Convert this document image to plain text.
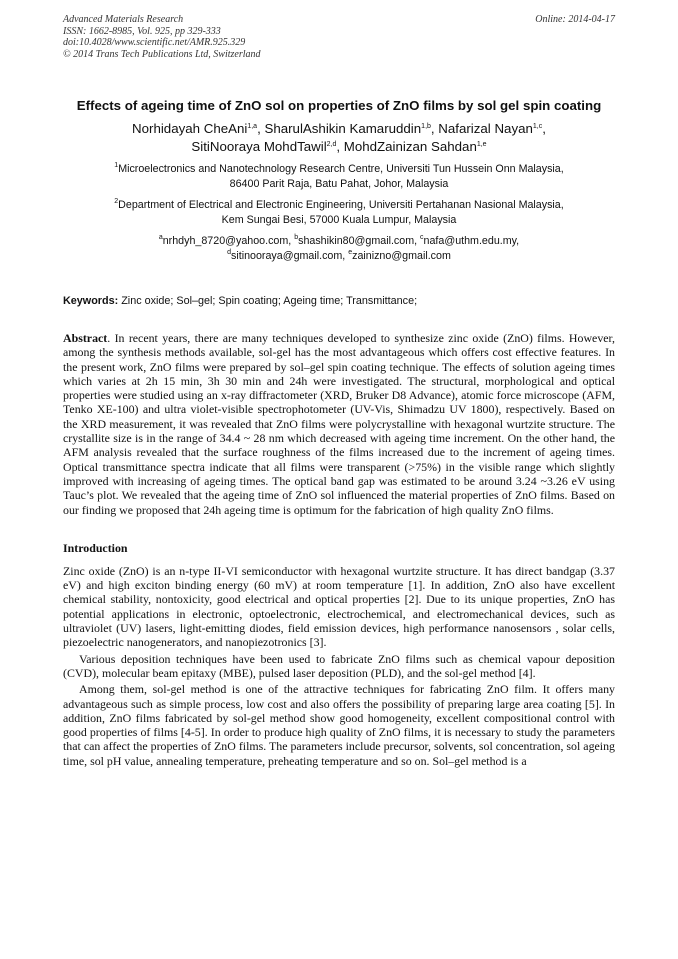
Advanced Materials Research
ISSN: 1662-8985, Vol. 925, pp 329-333
doi:10.4028/www.scientific.net/AMR.925.329
© 2014 Trans Tech Publications Ltd, Switzerland
Online: 2014-04-17
Effects of ageing time of ZnO sol on properties of ZnO films by sol gel spin coating
Norhidayah CheAni$^{1,a}$, SharulAshikin Kamaruddin$^{1,b}$, Nafarizal Nayan$^{1,c}$,
SitiNooraya MohdTawil$^{2,d}$, MohdZainizan Sahdan$^{1,e}$
$^1$Microelectronics and Nanotechnology Research Centre, Universiti Tun Hussein Onn Malaysia,
86400 Parit Raja, Batu Pahat, Johor, Malaysia
$^2$Department of Electrical and Electronic Engineering, Universiti Pertahanan Nasional Malaysia,
Kem Sungai Besi, 57000 Kuala Lumpur, Malaysia
$^a$nrhdyh_8720@yahoo.com, $^b$shashikin80@gmail.com, $^c$nafa@uthm.edu.my,
$^d$sitinooraya@gmail.com, $^e$zainizno@gmail.com
Keywords: Zinc oxide; Sol–gel; Spin coating; Ageing time; Transmittance;
Abstract. In recent years, there are many techniques developed to synthesize zinc oxide (ZnO) films. However, among the synthesis methods available, sol-gel has the most advantageous which offers cost effective features. In the present work, ZnO films were prepared by sol–gel spin coating technique. The effects of solution ageing times which varies at 2h 15 min, 3h 30 min and 24h were investigated. The structural, morphological and optical properties were studied using an x-ray diffractometer (XRD, Bruker D8 Advance), atomic force microscope (AFM, Tenko XE-100) and ultra violet-visible spectrophotometer (UV-Vis, Shimadzu UV 1800), respectively. Based on the XRD measurement, it was revealed that ZnO films were polycrystalline with hexagonal wurtzite structure. The crystallite size is in the range of 34.4 ~ 28 nm which decreased with ageing time increment. On the other hand, the AFM analysis revealed that the surface roughness of the films increased due to the increment of ageing times. Optical transmittance spectra indicate that all films were transparent (>75%) in the visible range which slightly improved with increasing of ageing times. The optical band gap was estimated to be around 3.24 ~3.26 eV using Tauc’s plot. We revealed that the ageing time of ZnO sol influenced the material properties of ZnO films. Based on our finding we proposed that 24h ageing time is optimum for the fabrication of high quality ZnO films.
Introduction

Zinc oxide (ZnO) is an n-type II-VI semiconductor with hexagonal wurtzite structure. It has direct bandgap (3.37 eV) and high exciton binding energy (60 mV) at room temperature [1]. In addition, ZnO also have excellent chemical stability, nontoxicity, good electrical and optical properties [2]. Due to its unique properties, ZnO has potential applications in electronic, optoelectronic, electrochemical, and electromechanical devices, such as ultraviolet (UV) lasers, light-emitting diodes, field emission devices, high performance nanosensors , solar cells, piezoelectric nanogenerators, and nanopiezotronics [3].

Various deposition techniques have been used to fabricate ZnO films such as chemical vapour deposition (CVD), molecular beam epitaxy (MBE), pulsed laser deposition (PLD), and the sol-gel method [4].

Among them, sol-gel method is one of the attractive techniques for fabricating ZnO film. It offers many advantageous such as simple process, low cost and also offers the possibility of preparing large area coating [5]. In addition, ZnO films fabricated by sol-gel method show good homogeneity, excellent compositional control with good properties of films [4-5]. In order to produce high quality of ZnO films, it is necessary to study the parameters that can affect the properties of ZnO films. The parameters include precursor, solvents, sol concentration, sol ageing time, sol pH value, annealing temperature, preheating temperature and so on. Sol–gel method is a
